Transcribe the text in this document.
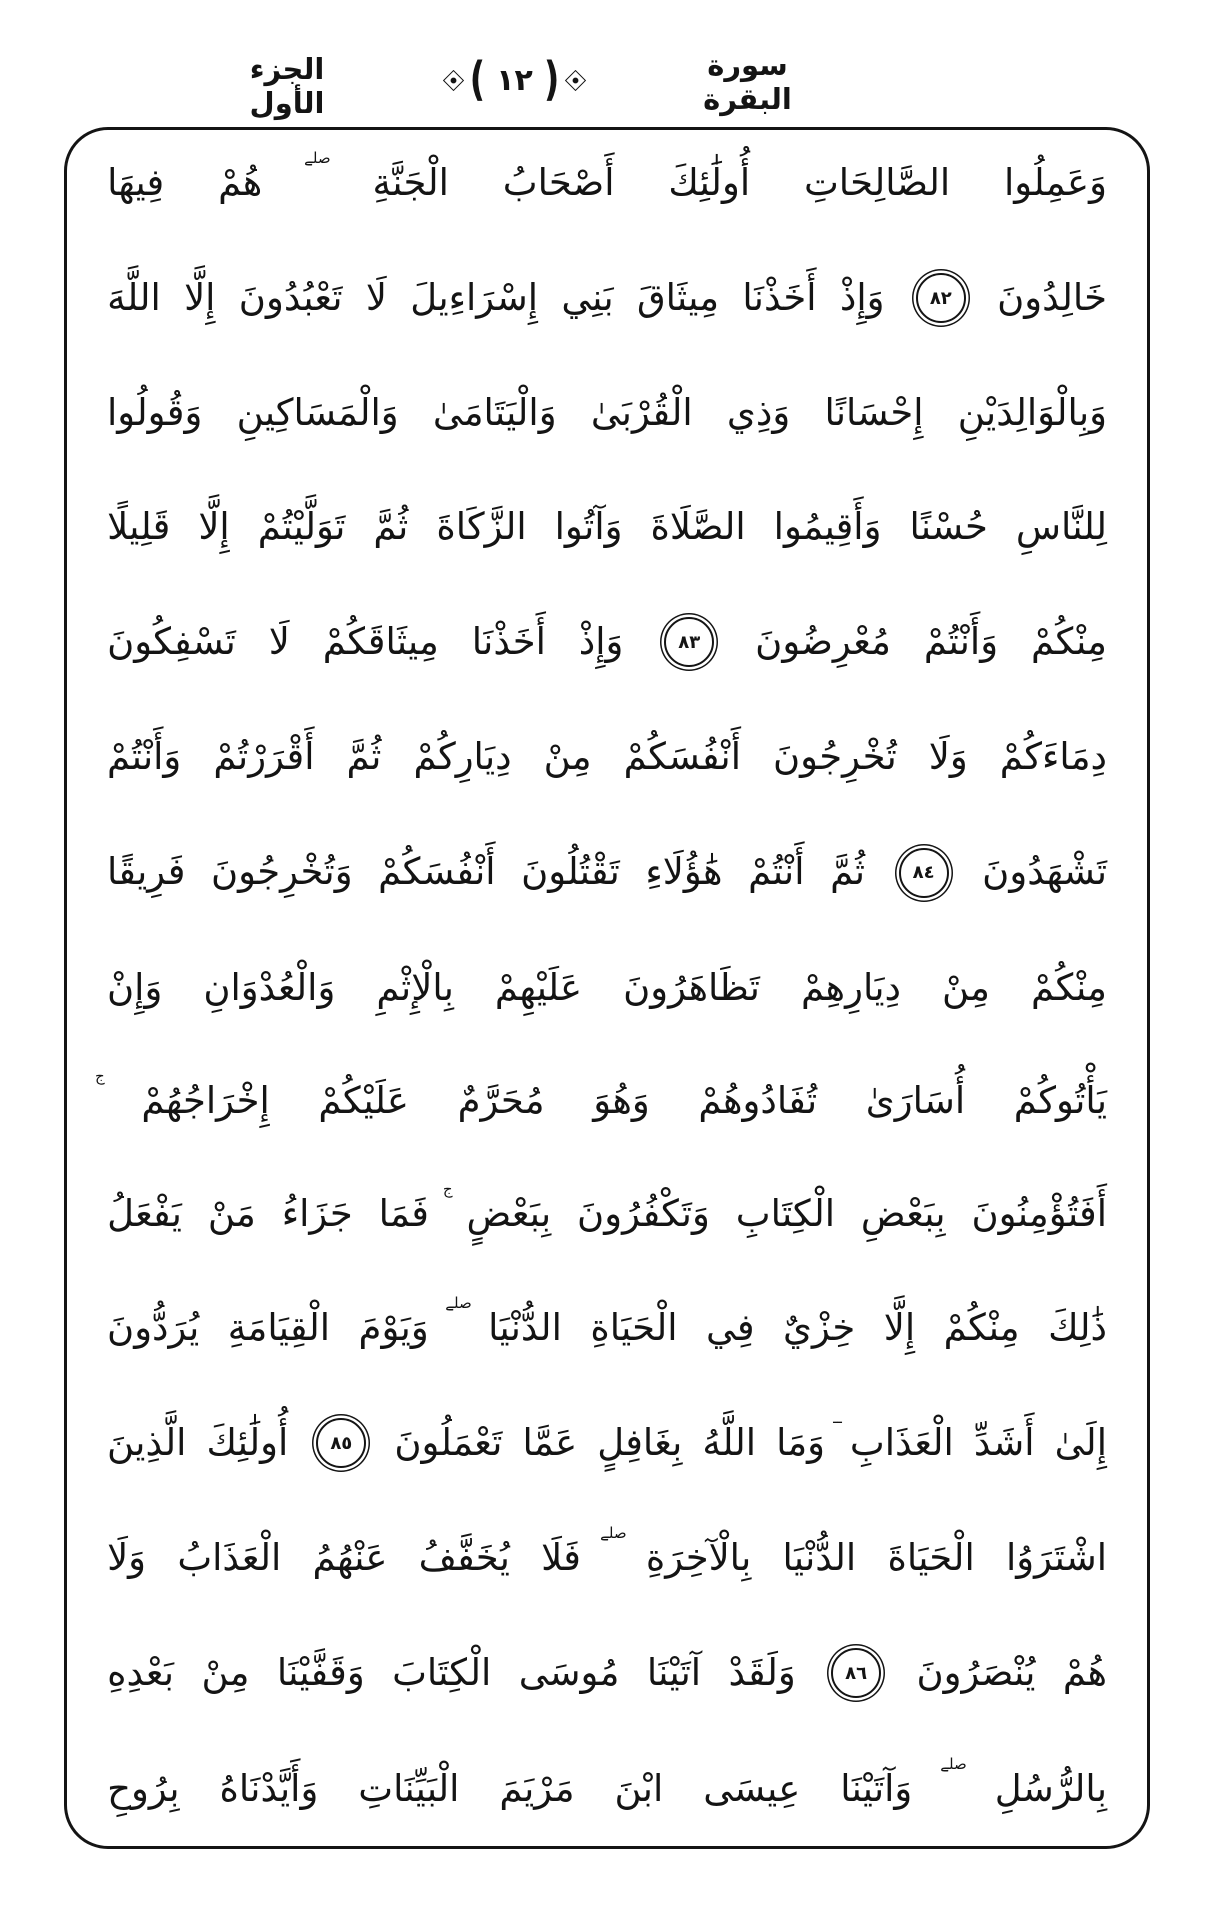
الجزء الأول	( ١٢ )	سورة البقرة
وَعَمِلُوا
الصَّالِحَاتِ
أُولَٰئِكَ
أَصْحَابُ
الْجَنَّةِ
صلے
هُمْ
فِيهَا
خَالِدُونَ
٨٢
وَإِذْ
أَخَذْنَا
مِيثَاقَ
بَنِي
إِسْرَاءِيلَ
لَا
تَعْبُدُونَ
إِلَّا
اللَّهَ
وَبِالْوَالِدَيْنِ
إِحْسَانًا
وَذِي
الْقُرْبَىٰ
وَالْيَتَامَىٰ
وَالْمَسَاكِينِ
وَقُولُوا
لِلنَّاسِ
حُسْنًا
وَأَقِيمُوا
الصَّلَاةَ
وَآتُوا
الزَّكَاةَ
ثُمَّ
تَوَلَّيْتُمْ
إِلَّا
قَلِيلًا
مِنْكُمْ
وَأَنْتُمْ
مُعْرِضُونَ
٨٣
وَإِذْ
أَخَذْنَا
مِيثَاقَكُمْ
لَا
تَسْفِكُونَ
دِمَاءَكُمْ
وَلَا
تُخْرِجُونَ
أَنْفُسَكُمْ
مِنْ
دِيَارِكُمْ
ثُمَّ
أَقْرَرْتُمْ
وَأَنْتُمْ
تَشْهَدُونَ
٨٤
ثُمَّ
أَنْتُمْ
هَٰؤُلَاءِ
تَقْتُلُونَ
أَنْفُسَكُمْ
وَتُخْرِجُونَ
فَرِيقًا
مِنْكُمْ
مِنْ
دِيَارِهِمْ
تَظَاهَرُونَ
عَلَيْهِمْ
بِالْإِثْمِ
وَالْعُدْوَانِ
وَإِنْ
يَأْتُوكُمْ
أُسَارَىٰ
تُفَادُوهُمْ
وَهُوَ
مُحَرَّمٌ
عَلَيْكُمْ
إِخْرَاجُهُمْ
ج
أَفَتُؤْمِنُونَ
بِبَعْضِ
الْكِتَابِ
وَتَكْفُرُونَ
بِبَعْضٍ
ج
فَمَا
جَزَاءُ
مَنْ
يَفْعَلُ
ذَٰلِكَ
مِنْكُمْ
إِلَّا
خِزْيٌ
فِي
الْحَيَاةِ
الدُّنْيَا
صلے
وَيَوْمَ
الْقِيَامَةِ
يُرَدُّونَ
إِلَىٰ
أَشَدِّ
الْعَذَابِ
ــ
وَمَا
اللَّهُ
بِغَافِلٍ
عَمَّا
تَعْمَلُونَ
٨٥
أُولَٰئِكَ
الَّذِينَ
اشْتَرَوُا
الْحَيَاةَ
الدُّنْيَا
بِالْآخِرَةِ
صلے
فَلَا
يُخَفَّفُ
عَنْهُمُ
الْعَذَابُ
وَلَا
هُمْ
يُنْصَرُونَ
٨٦
وَلَقَدْ
آتَيْنَا
مُوسَى
الْكِتَابَ
وَقَفَّيْنَا
مِنْ
بَعْدِهِ
بِالرُّسُلِ
صلے
وَآتَيْنَا
عِيسَى
ابْنَ
مَرْيَمَ
الْبَيِّنَاتِ
وَأَيَّدْنَاهُ
بِرُوحِ
